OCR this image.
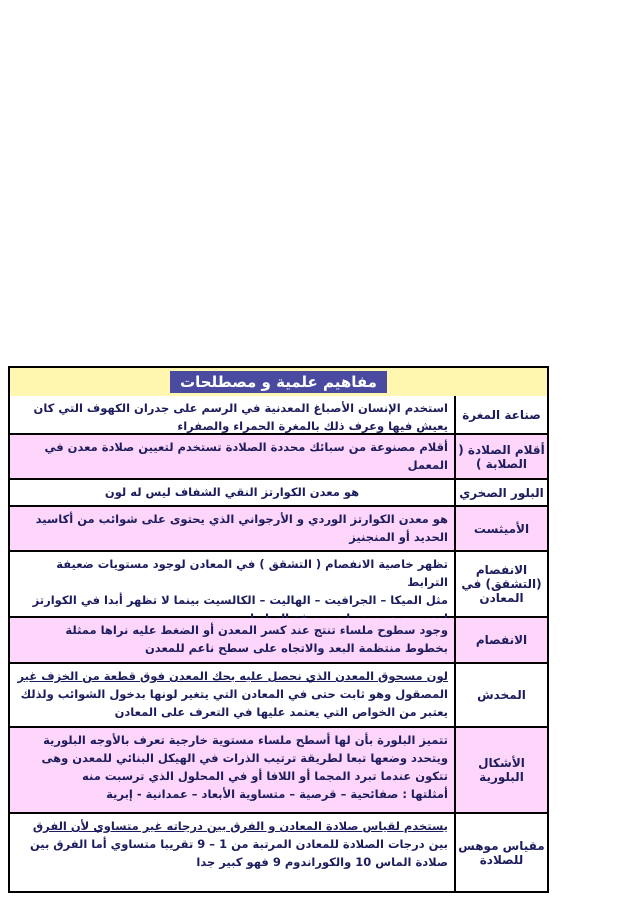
مفاهيم علمية و مصطلحات
صناعة المغرة
استخدم الإنسان الأصباغ المعدنية في الرسم على جدران الكهوف التي كان
يعيش فيها وعرف ذلك بالمغرة الحمراء والصفراء
أقلام الصلادة ( الصلابة )
أقلام مصنوعة من سبائك محددة الصلادة تستخدم لتعيين صلادة معدن في
المعمل
البلور الصخري
هو معدن الكوارتز النقي الشفاف ليس له لون
الأميثست
هو معدن الكوارتز الوردي و الأرجواني الذي يحتوى على شوائب من أكاسيد
الحديد أو المنجنيز
الانفصام (التشقق) في المعادن
تظهر خاصية الانفصام ( التشقق ) في المعادن لوجود مستويات ضعيفة الترابط
مثل الميكا – الجرافيت – الهاليت – الكالسيت بينما لا تظهر أبدا في الكوارتز
الانفصام
وجود سطوح ملساء تنتج عند كسر المعدن أو الضغط عليه نراها ممثلة
بخطوط منتظمة البعد والاتجاه على سطح ناعم للمعدن
المخدش
لون مسحوق المعدن الذي نحصل عليه بحك المعدن فوق قطعة من الخزف غير
المصقول وهو ثابت حتى في المعادن التي يتغير لونها بدخول الشوائب ولذلك
يعتبر من الخواص التي يعتمد عليها في التعرف على المعادن
الأشكال البلورية
تتميز البلورة بأن لها أسطح ملساء مستوية خارجية تعرف بالأوجه البلورية
ويتحدد وضعها تبعا لطريقة ترتيب الذرات في الهيكل البنائي للمعدن وهى
تتكون عندما تبرد المجما أو اللافا أو في المحلول الذي ترسبت منه
أمثلتها : صفائحية – قرصية – متساوية الأبعاد – عمدانية - إبرية
مقياس موهس للصلادة
يستخدم لقياس صلادة المعادن و الفرق بين درجاته غير متساوي لأن الفرق
بين درجات الصلادة للمعادن المرتبة من 1 – 9 تقريبا متساوي أما الفرق بين
صلادة الماس 10 والكوراندوم 9 فهو كبير جدا
